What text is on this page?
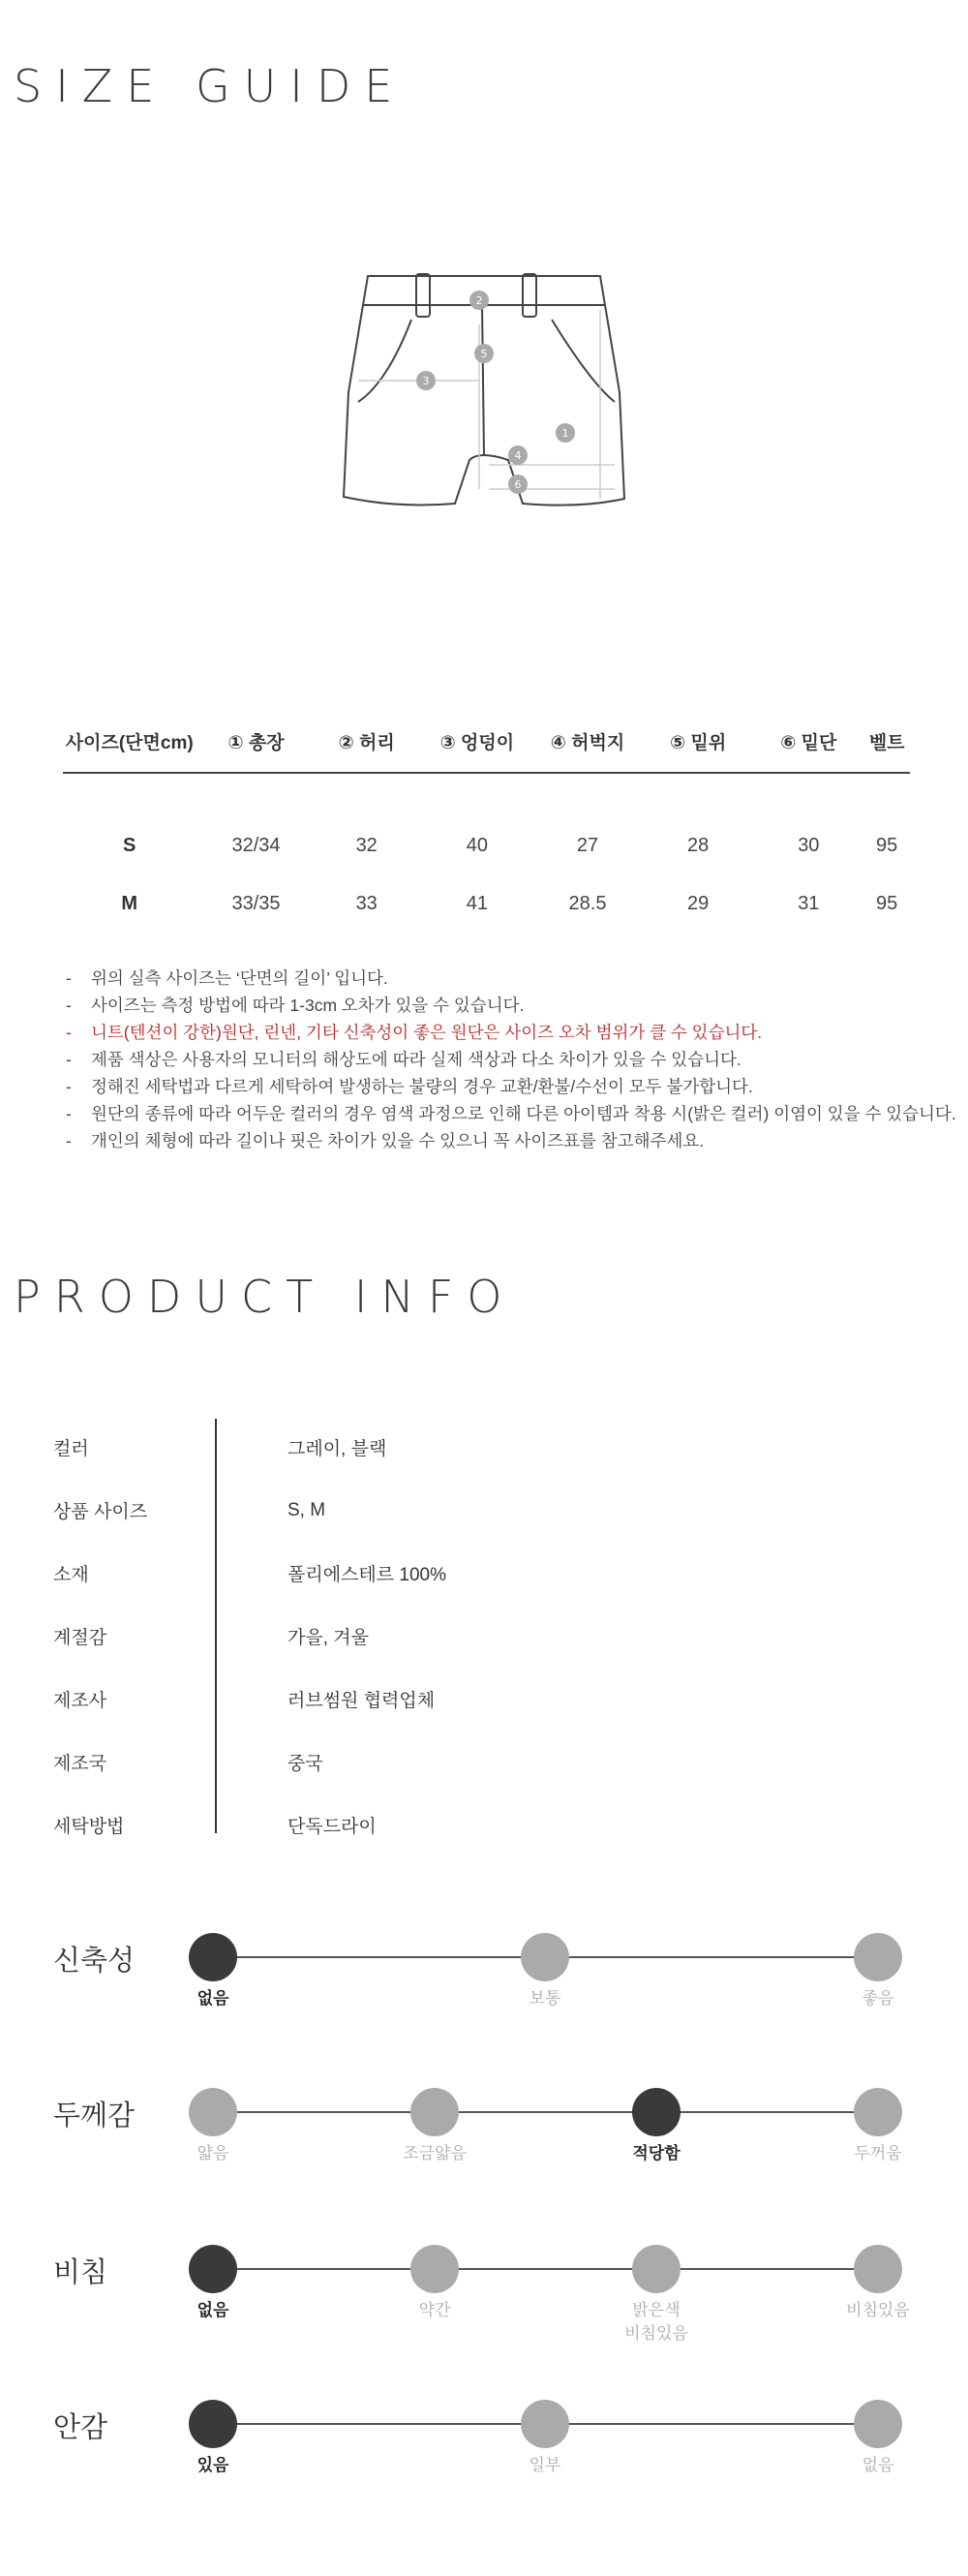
SIZE GUIDE
1
2
3
4
5
6
사이즈(단면cm)	① 총장	② 허리	③ 엉덩이	④ 허벅지	⑤ 밑위	⑥ 밑단	벨트
S	32/34	32	40	27	28	30	95
M	33/35	33	41	28.5	29	31	95
- 위의 실측 사이즈는 ‘단면의 길이’ 입니다.
- 사이즈는 측정 방법에 따라 1-3cm 오차가 있을 수 있습니다.
- 니트(텐션이 강한)원단, 린넨, 기타 신축성이 좋은 원단은 사이즈 오차 범위가 클 수 있습니다.
- 제품 색상은 사용자의 모니터의 해상도에 따라 실제 색상과 다소 차이가 있을 수 있습니다.
- 정해진 세탁법과 다르게 세탁하여 발생하는 불량의 경우 교환/환불/수선이 모두 불가합니다.
- 원단의 종류에 따라 어두운 컬러의 경우 염색 과정으로 인해 다른 아이템과 착용 시(밝은 컬러) 이염이 있을 수 있습니다.
- 개인의 체형에 따라 길이나 핏은 차이가 있을 수 있으니 꼭 사이즈표를 참고해주세요.
PRODUCT INFO
컬러	그레이, 블랙
상품 사이즈	S, M
소재	폴리에스테르 100%
계절감	가을, 겨울
제조사	러브썸원 협력업체
제조국	중국
세탁방법	단독드라이
신축성
없음	보통	좋음
두께감
얇음	조금얇음	적당함	두꺼움
비침
없음	약간	밝은색
비침있음
비침있음
안감
있음	일부	없음
